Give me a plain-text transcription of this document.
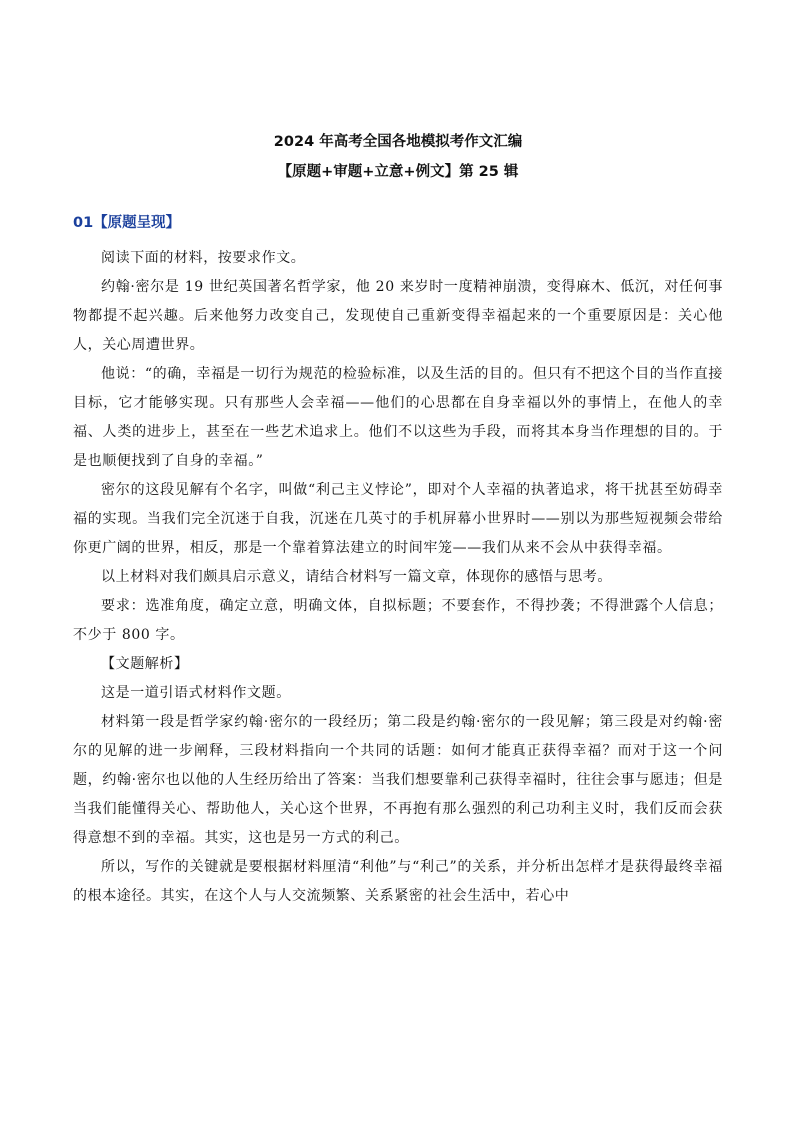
2024 年高考全国各地模拟考作文汇编

【原题+审题+立意+例文】第 25 辑

01【原题呈现】

阅读下面的材料，按要求作文。

约翰·密尔是 19 世纪英国著名哲学家，他 20 来岁时一度精神崩溃，变得麻木、低沉，对任何事物都提不起兴趣。后来他努力改变自己，发现使自己重新变得幸福起来的一个重要原因是：关心他人，关心周遭世界。

他说：“的确，幸福是一切行为规范的检验标准，以及生活的目的。但只有不把这个目的当作直接目标，它才能够实现。只有那些人会幸福——他们的心思都在自身幸福以外的事情上，在他人的幸福、人类的进步上，甚至在一些艺术追求上。他们不以这些为手段，而将其本身当作理想的目的。于是也顺便找到了自身的幸福。”

密尔的这段见解有个名字，叫做“利己主义悖论”，即对个人幸福的执著追求，将干扰甚至妨碍幸福的实现。当我们完全沉迷于自我，沉迷在几英寸的手机屏幕小世界时——别以为那些短视频会带给你更广阔的世界，相反，那是一个靠着算法建立的时间牢笼——我们从来不会从中获得幸福。

以上材料对我们颇具启示意义，请结合材料写一篇文章，体现你的感悟与思考。

要求：选准角度，确定立意，明确文体，自拟标题；不要套作，不得抄袭；不得泄露个人信息；不少于 800 字。

【文题解析】

这是一道引语式材料作文题。

材料第一段是哲学家约翰·密尔的一段经历；第二段是约翰·密尔的一段见解；第三段是对约翰·密尔的见解的进一步阐释，三段材料指向一个共同的话题：如何才能真正获得幸福？而对于这一个问题，约翰·密尔也以他的人生经历给出了答案：当我们想要靠利己获得幸福时，往往会事与愿违；但是当我们能懂得关心、帮助他人，关心这个世界，不再抱有那么强烈的利己功利主义时，我们反而会获得意想不到的幸福。其实，这也是另一方式的利己。

所以，写作的关键就是要根据材料厘清“利他”与“利己”的关系，并分析出怎样才是获得最终幸福的根本途径。其实，在这个人与人交流频繁、关系紧密的社会生活中，若心中
